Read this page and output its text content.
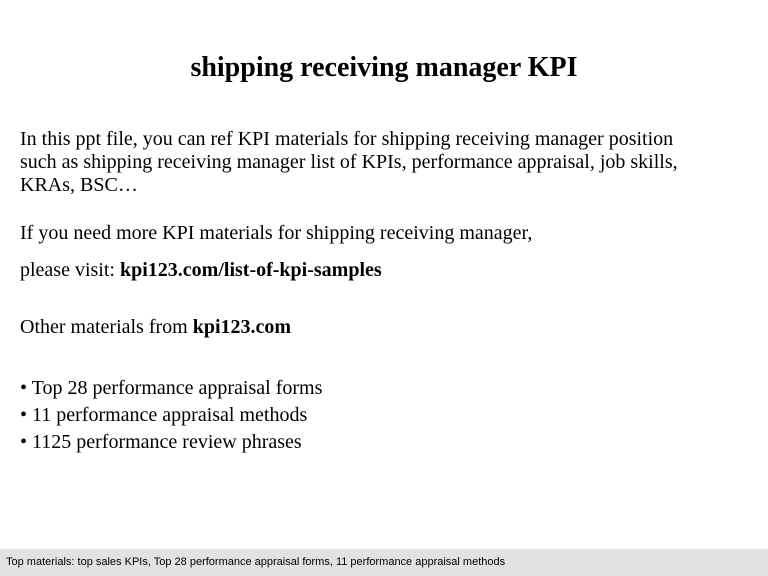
shipping receiving manager KPI
In this ppt file, you can ref KPI materials for shipping receiving manager position
such as shipping receiving manager list of KPIs, performance appraisal, job skills,
KRAs, BSC…

If you need more KPI materials for shipping receiving manager,

please visit: kpi123.com/list-of-kpi-samples

Other materials from kpi123.com

• Top 28 performance appraisal forms
• 11 performance appraisal methods
• 1125 performance review phrases
Top materials: top sales KPIs, Top 28 performance appraisal forms, 11 performance appraisal methods
